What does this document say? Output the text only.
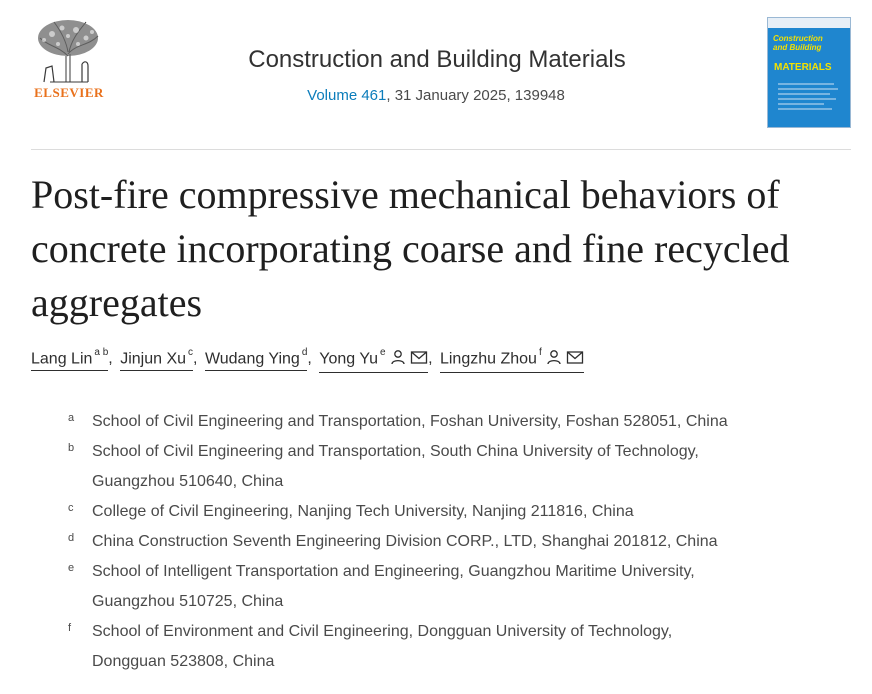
ELSEVIER
Construction and Building Materials
Volume 461, 31 January 2025, 139948
Construction
and Building
MATERIALS
Post-fire compressive mechanical behaviors of concrete incorporating coarse and fine recycled aggregates
Lang Lin $^{a b}$, Jinjun Xu $^c$, Wudang Ying $^d$, Yong Yu $^e$	, Lingzhu Zhou $^f$
a School of Civil Engineering and Transportation, Foshan University, Foshan 528051, China
b School of Civil Engineering and Transportation, South China University of Technology,
Guangzhou 510640, China
c College of Civil Engineering, Nanjing Tech University, Nanjing 211816, China
d China Construction Seventh Engineering Division CORP., LTD, Shanghai 201812, China
e School of Intelligent Transportation and Engineering, Guangzhou Maritime University,
Guangzhou 510725, China
f School of Environment and Civil Engineering, Dongguan University of Technology,
Dongguan 523808, China
